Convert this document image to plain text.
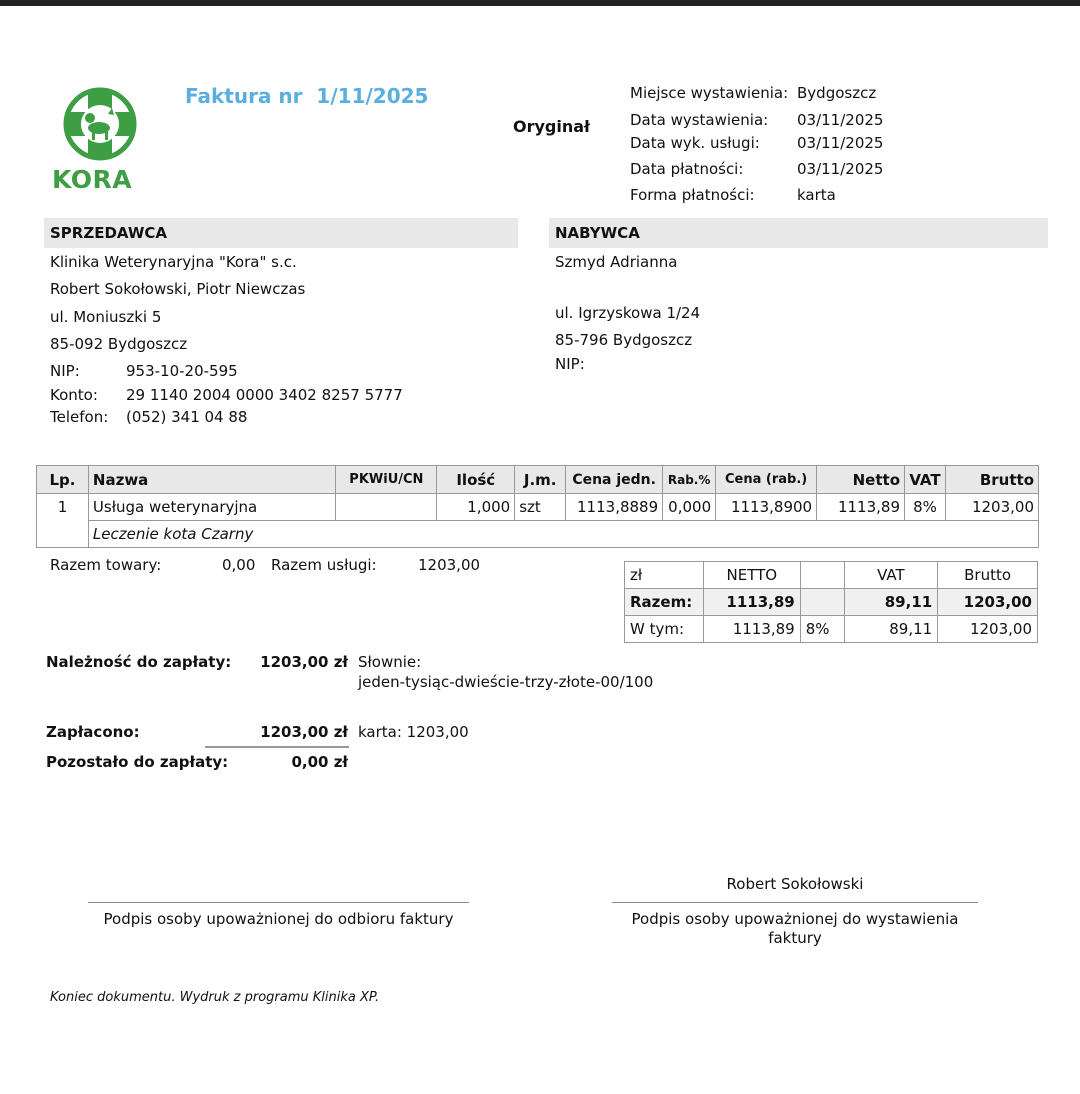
KORA
Faktura nr  1/11/2025
Oryginał
Miejsce wystawienia: Bydgoszcz
Data wystawienia: 03/11/2025
Data wyk. usługi: 03/11/2025
Data płatności:	03/11/2025
Forma płatności:	karta
SPRZEDAWCA
Klinika Weterynaryjna "Kora" s.c.
Robert Sokołowski, Piotr Niewczas
ul. Moniuszki 5
85-092 Bydgoszcz
NIP:	953-10-20-595
Konto: 29 1140 2004 0000 3402 8257 5777
Telefon: (052) 341 04 88
NABYWCA
Szmyd Adrianna
ul. Igrzyskowa 1/24
85-796 Bydgoszcz
NIP:
Lp.	Nazwa	PKWiU/CN	Ilość	J.m.	Cena jedn.	Rab.%	Cena (rab.)	Netto	VAT	Brutto
1	Usługa weterynaryjna		1,000	szt	1113,8889	0,000	1113,8900	1113,89	8%	1203,00
	Leczenie kota Czarny									
Razem towary:	0,00 Razem usługi:	1203,00
zł	NETTO		VAT	Brutto
Razem:	1113,89		89,11	1203,00
W tym:	1113,89	8%	89,11	1203,00
Należność do zapłaty:	1203,00 zł Słownie:
jeden-tysiąc-dwieście-trzy-złote-00/100
Zapłacono:	1203,00 zł karta: 1203,00
Pozostało do zapłaty:	0,00 zł
Robert Sokołowski
Podpis osoby upoważnionej do odbioru faktury	Podpis osoby upoważnionej do wystawienia faktury
Koniec dokumentu. Wydruk z programu Klinika XP.
